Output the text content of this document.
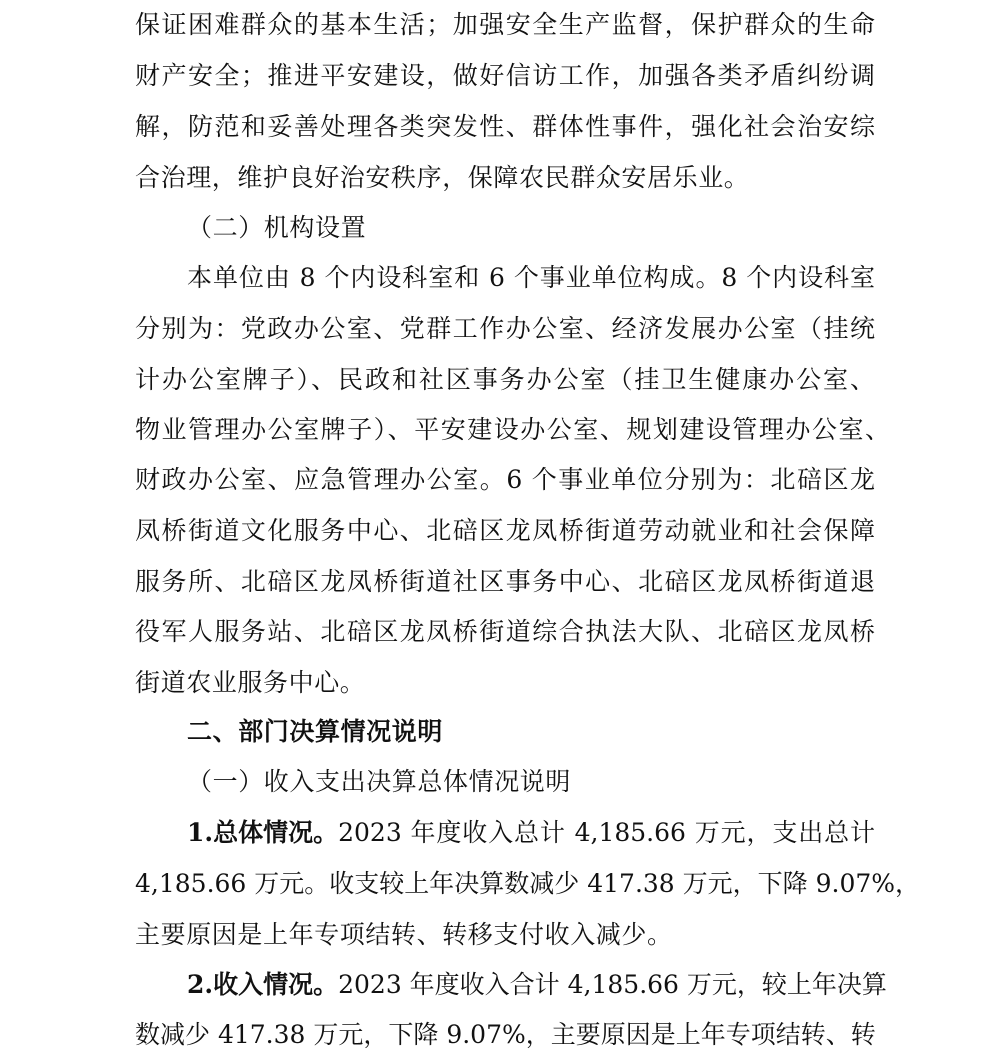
保证困难群众的基本生活；加强安全生产监督，保护群众的生命
财产安全；推进平安建设，做好信访工作，加强各类矛盾纠纷调
解，防范和妥善处理各类突发性、群体性事件，强化社会治安综
合治理，维护良好治安秩序，保障农民群众安居乐业。
（二）机构设置
本单位由 8 个内设科室和 6 个事业单位构成。8 个内设科室
分别为：党政办公室、党群工作办公室、经济发展办公室（挂统
计办公室牌子）、民政和社区事务办公室（挂卫生健康办公室、
物业管理办公室牌子）、平安建设办公室、规划建设管理办公室、
财政办公室、应急管理办公室。6 个事业单位分别为：北碚区龙
凤桥街道文化服务中心、北碚区龙凤桥街道劳动就业和社会保障
服务所、北碚区龙凤桥街道社区事务中心、北碚区龙凤桥街道退
役军人服务站、北碚区龙凤桥街道综合执法大队、北碚区龙凤桥
街道农业服务中心。
二、部门决算情况说明
（一）收入支出决算总体情况说明
1.总体情况。 2023 年度收入总计 4,185.66 万元，支出总计
4,185.66 万元。收支较上年决算数减少 417.38 万元，下降 9.07%，
主要原因是上年专项结转、转移支付收入减少。
2.收入情况。 2023 年度收入合计 4,185.66 万元，较上年决算
数减少 417.38 万元，下降 9.07%，主要原因是上年专项结转、转
